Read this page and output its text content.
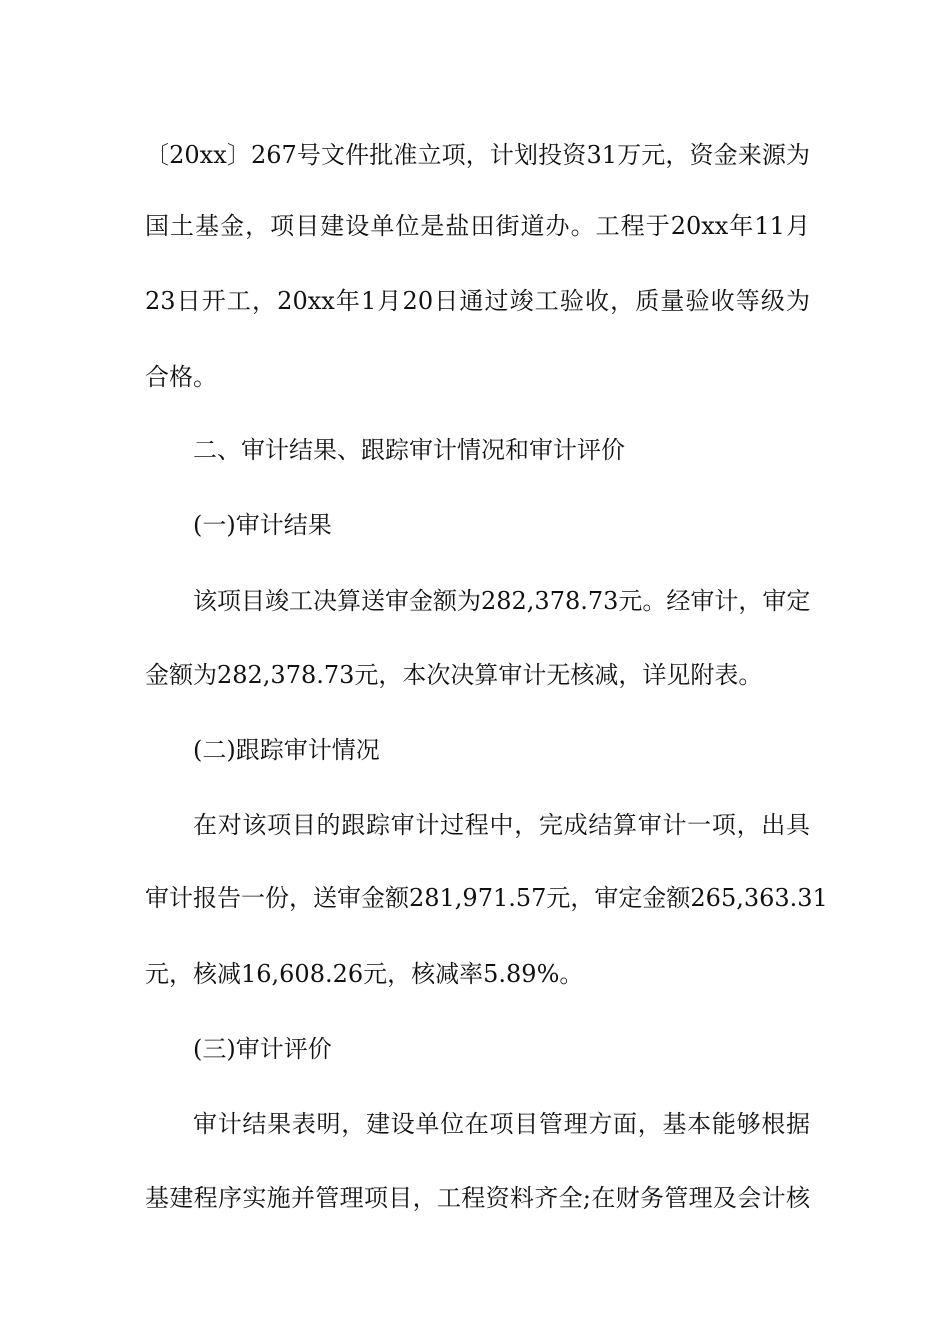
〔20xx〕267号文件批准立项，计划投资31万元，资金来源为
国土基金，项目建设单位是盐田街道办。工程于20xx年11月
23日开工，20xx年1月20日通过竣工验收，质量验收等级为
合格。
二、审计结果、跟踪审计情况和审计评价
(一)审计结果
该项目竣工决算送审金额为282,378.73元。经审计，审定
金额为282,378.73元，本次决算审计无核减，详见附表。
(二)跟踪审计情况
在对该项目的跟踪审计过程中，完成结算审计一项，出具
审计报告一份，送审金额281,971.57元，审定金额265,363.31
元，核减16,608.26元，核减率5.89%。
(三)审计评价
审计结果表明，建设单位在项目管理方面，基本能够根据
基建程序实施并管理项目，工程资料齐全;在财务管理及会计核
